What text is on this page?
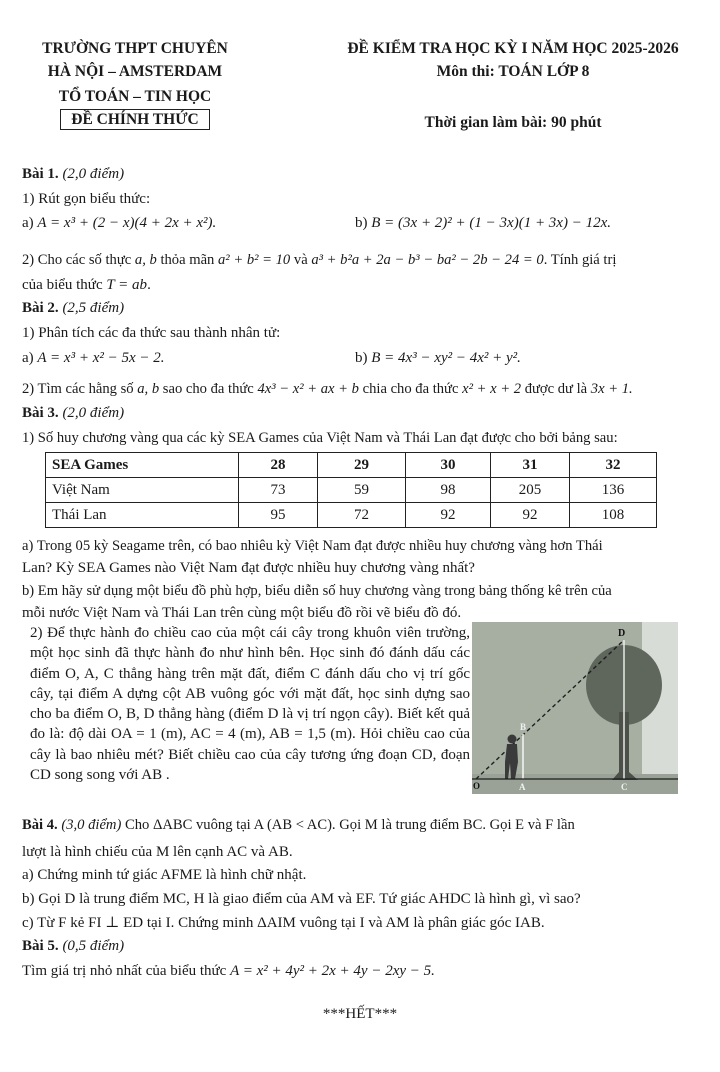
TRƯỜNG THPT CHUYÊN
HÀ NỘI – AMSTERDAM
TỔ TOÁN – TIN HỌC
ĐỀ CHÍNH THỨC
ĐỀ KIỂM TRA HỌC KỲ I NĂM HỌC 2025-2026
Môn thi: TOÁN LỚP 8
Thời gian làm bài: 90 phút
Bài 1. (2,0 điểm)
1) Rút gọn biểu thức:
a) A = x³ + (2 − x)(4 + 2x + x²).	b) B = (3x + 2)² + (1 − 3x)(1 + 3x) − 12x.
2) Cho các số thực a, b thỏa mãn a² + b² = 10 và a³ + b²a + 2a − b³ − ba² − 2b − 24 = 0. Tính giá trị
của biểu thức T = ab.
Bài 2. (2,5 điểm)
1) Phân tích các đa thức sau thành nhân tử:
a) A = x³ + x² − 5x − 2.	b) B = 4x³ − xy² − 4x² + y².
2) Tìm các hằng số a, b sao cho đa thức 4x³ − x² + ax + b chia cho đa thức x² + x + 2 được dư là 3x + 1.
Bài 3. (2,0 điểm)
1) Số huy chương vàng qua các kỳ SEA Games của Việt Nam và Thái Lan đạt được cho bởi bảng sau:
SEA Games	28	29	30	31	32
Việt Nam	73	59	98	205	136
Thái Lan	95	72	92	92	108
a) Trong 05 kỳ Seagame trên, có bao nhiêu kỳ Việt Nam đạt được nhiều huy chương vàng hơn Thái
Lan? Kỳ SEA Games nào Việt Nam đạt được nhiều huy chương vàng nhất?
b) Em hãy sử dụng một biểu đồ phù hợp, biểu diễn số huy chương vàng trong bảng thống kê trên của
mỗi nước Việt Nam và Thái Lan trên cùng một biểu đồ rồi vẽ biểu đồ đó.
2) Để thực hành đo chiều cao của một cái cây trong khuôn viên trường, một học sinh đã thực hành đo như hình bên. Học sinh đó đánh dấu các điểm O, A, C thẳng hàng trên mặt đất, điểm C đánh dấu cho vị trí gốc cây, tại điểm A dựng cột AB vuông góc với mặt đất, học sinh dựng sao cho ba điểm O, B, D thẳng hàng (điểm D là vị trí ngọn cây). Biết kết quả đo là: độ dài OA = 1 (m), AC = 4 (m), AB = 1,5 (m). Hỏi chiều cao của cây là bao nhiêu mét? Biết chiều cao của cây tương ứng đoạn CD, đoạn CD song song với AB .
D
B
O	A	C
Bài 4. (3,0 điểm) Cho ΔABC vuông tại A (AB < AC). Gọi M là trung điểm BC. Gọi E và F lần
lượt là hình chiếu của M lên cạnh AC và AB.
a) Chứng minh tứ giác AFME là hình chữ nhật.
b) Gọi D là trung điểm MC, H là giao điểm của AM và EF. Tứ giác AHDC là hình gì, vì sao?
c) Từ F kẻ FI ⊥ ED tại I. Chứng minh ΔAIM vuông tại I và AM là phân giác góc IAB.
Bài 5. (0,5 điểm)
Tìm giá trị nhỏ nhất của biểu thức A = x² + 4y² + 2x + 4y − 2xy − 5.
***HẾT***
